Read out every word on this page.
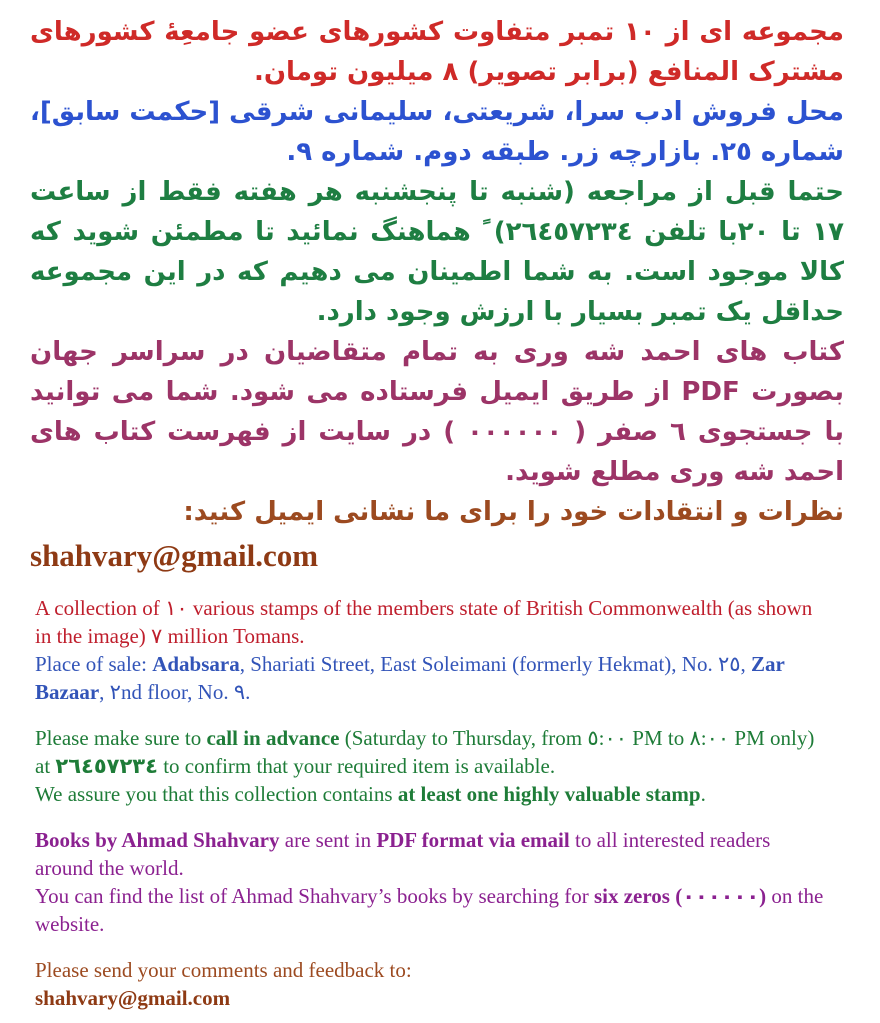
مجموعه ای از ١٠ تمبر متفاوت کشورهای عضو جامعِۀ کشورهای مشترک المنافع (برابر تصویر) ٨ میلیون تومان.

محل فروش ادب سرا، شریعتی، سلیمانی شرقی [حکمت سابق]، شماره ٢٥. بازارچه زر. طبقه دوم. شماره ٩.

حتما قبل از مراجعه (شنبه تا پنجشنبه هر هفته فقط از ساعت ١٧ تا ٢٠با تلفن ٢٦٤٥٧٢٣٤) ً هماهنگ نمائید تا مطمئن شوید که کالا موجود است. به شما اطمینان می دهیم که در این مجموعه حداقل یک تمبر بسیار با ارزش وجود دارد.

کتاب های احمد شه وری به تمام متقاضیان در سراسر جهان بصورت PDF از طریق ایمیل فرستاده می شود. شما می توانید با جستجوی ٦ صفر ( ٠٠٠٠٠٠ ) در سایت از فهرست کتاب های احمد شه وری مطلع شوید.

نظرات و انتقادات خود را برای ما نشانی ایمیل کنید:

shahvary@gmail.com

A collection of ١٠ various stamps of the members state of British Commonwealth (as shown in the image) ٧ million Tomans.

Place of sale: Adabsara, Shariati Street, East Soleimani (formerly Hekmat), No. ٢٥, Zar Bazaar, ٢nd floor, No. ٩.

Please make sure to call in advance (Saturday to Thursday, from ٥:٠٠ PM to ٨:٠٠ PM only) at ٢٦٤٥٧٢٣٤ to confirm that your required item is available.

We assure you that this collection contains at least one highly valuable stamp.

Books by Ahmad Shahvary are sent in PDF format via email to all interested readers around the world.

You can find the list of Ahmad Shahvary’s books by searching for six zeros (٠٠٠٠٠٠) on the website.

Please send your comments and feedback to:

shahvary@gmail.com
